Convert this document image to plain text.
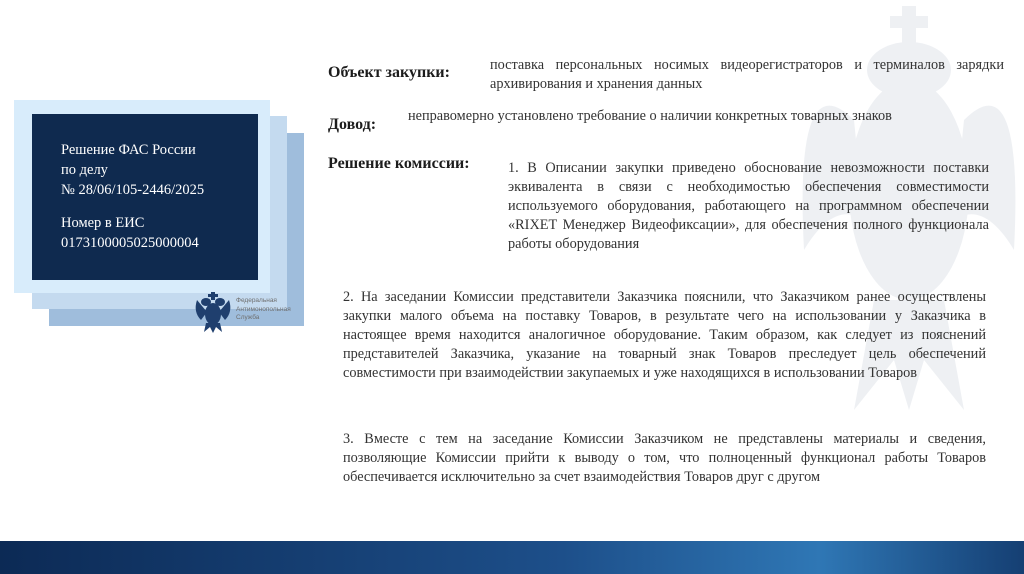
Решение ФАС России
по делу
№ 28/06/105-2446/2025
Номер в ЕИС
0173100005025000004
Федеральная
Антимонопольная
Служба
Объект закупки:	поставка персональных носимых видеорегистраторов и терминалов зарядки архивирования и хранения данных
Довод: неправомерно установлено требование о наличии конкретных товарных знаков
Решение комиссии:	1. В Описании закупки приведено обоснование невозможности поставки эквивалента в связи с необходимостью обеспечения совместимости используемого оборудования, работающего на программном обеспечении «RIXET Менеджер Видеофиксации», для обеспечения полного функционала работы оборудования
2. На заседании Комиссии представители Заказчика пояснили, что Заказчиком ранее осуществлены закупки малого объема на поставку Товаров, в результате чего на использовании у Заказчика в настоящее время находится аналогичное оборудование. Таким образом, как следует из пояснений представителей Заказчика, указание на товарный знак Товаров преследует цель обеспечений совместимости при взаимодействии закупаемых и уже находящихся в использовании Товаров
3. Вместе с тем на заседание Комиссии Заказчиком не представлены материалы и сведения, позволяющие Комиссии прийти к выводу о том, что полноценный функционал работы Товаров обеспечивается исключительно за счет взаимодействия Товаров друг с другом
